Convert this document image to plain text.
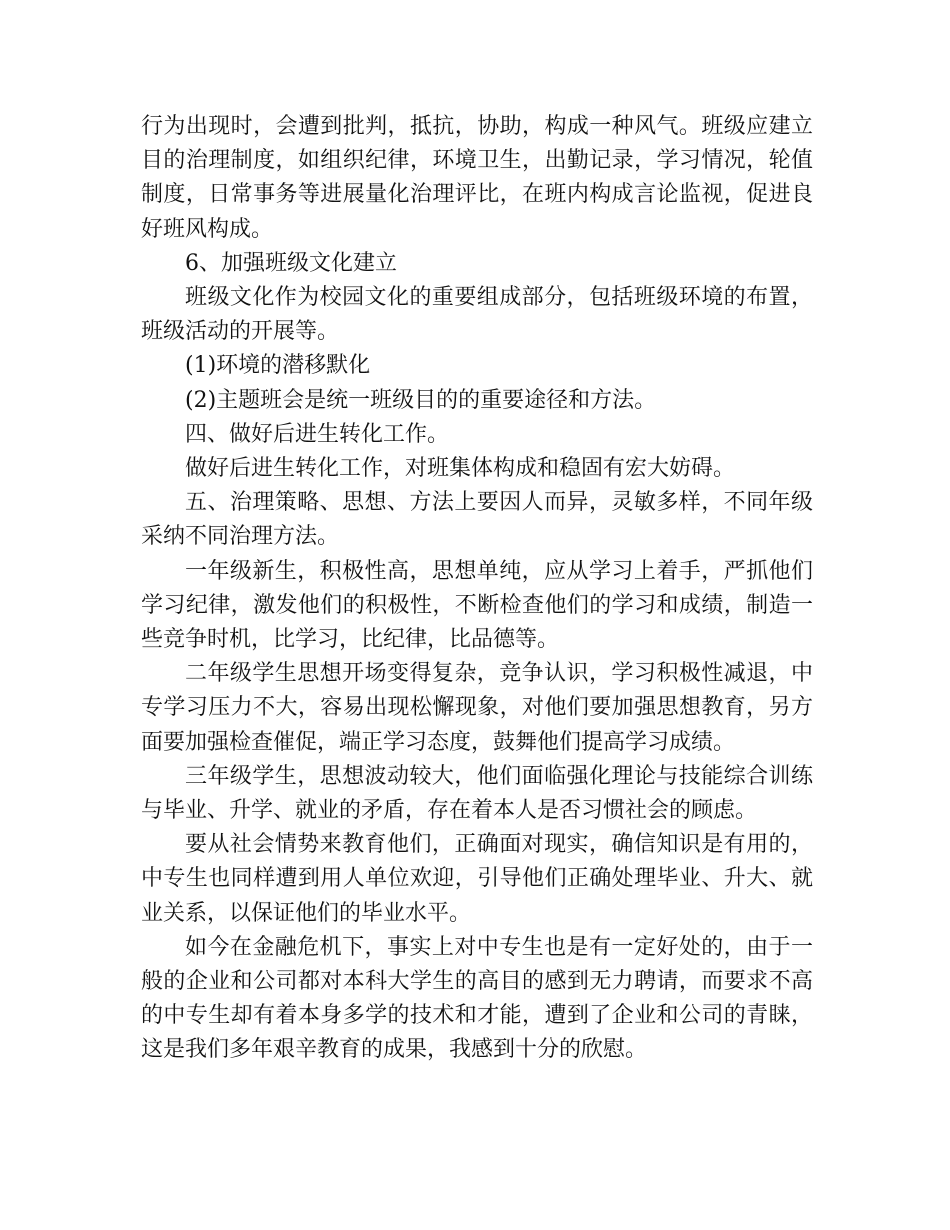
行为出现时，会遭到批判，抵抗，协助，构成一种风气。班级应建立目的治理制度，如组织纪律，环境卫生，出勤记录，学习情况，轮值制度，日常事务等进展量化治理评比，在班内构成言论监视，促进良好班风构成。

6、加强班级文化建立

班级文化作为校园文化的重要组成部分，包括班级环境的布置，班级活动的开展等。

(1)环境的潜移默化

(2)主题班会是统一班级目的的重要途径和方法。

四、做好后进生转化工作。

做好后进生转化工作，对班集体构成和稳固有宏大妨碍。

五、治理策略、思想、方法上要因人而异，灵敏多样，不同年级采纳不同治理方法。

一年级新生，积极性高，思想单纯，应从学习上着手，严抓他们学习纪律，激发他们的积极性，不断检查他们的学习和成绩，制造一些竞争时机，比学习，比纪律，比品德等。

二年级学生思想开场变得复杂，竞争认识，学习积极性减退，中专学习压力不大，容易出现松懈现象，对他们要加强思想教育，另方面要加强检查催促，端正学习态度，鼓舞他们提高学习成绩。

三年级学生，思想波动较大，他们面临强化理论与技能综合训练与毕业、升学、就业的矛盾，存在着本人是否习惯社会的顾虑。

要从社会情势来教育他们，正确面对现实，确信知识是有用的，中专生也同样遭到用人单位欢迎，引导他们正确处理毕业、升大、就业关系，以保证他们的毕业水平。

如今在金融危机下，事实上对中专生也是有一定好处的，由于一般的企业和公司都对本科大学生的高目的感到无力聘请，而要求不高的中专生却有着本身多学的技术和才能，遭到了企业和公司的青睐，这是我们多年艰辛教育的成果，我感到十分的欣慰。
